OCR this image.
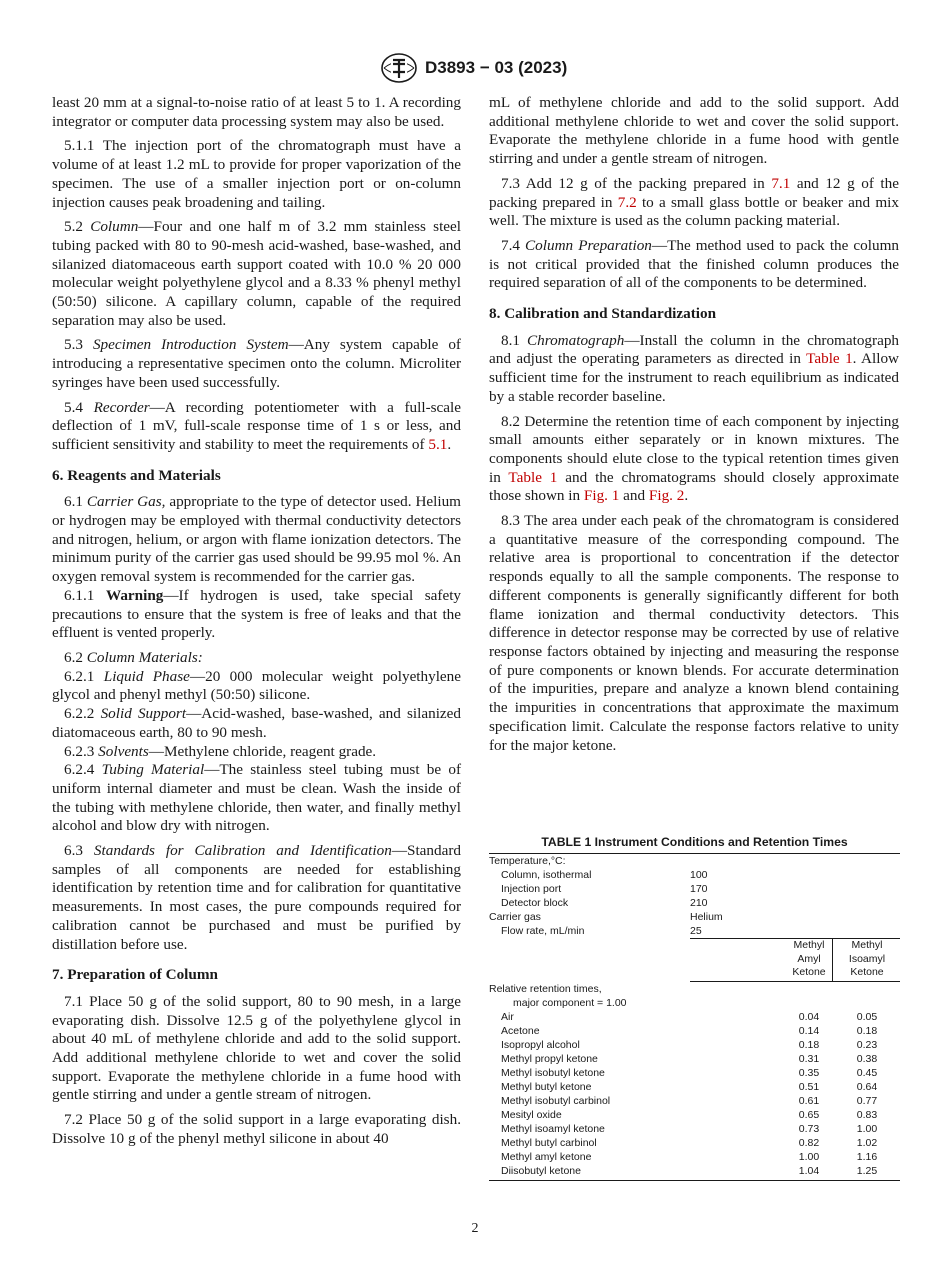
D3893 − 03 (2023)

least 20 mm at a signal-to-noise ratio of at least 5 to 1. A recording integrator or computer data processing system may also be used.

5.1.1 The injection port of the chromatograph must have a volume of at least 1.2 mL to provide for proper vaporization of the specimen. The use of a smaller injection port or on-column injection causes peak broadening and tailing.

5.2 Column—Four and one half m of 3.2 mm stainless steel tubing packed with 80 to 90-mesh acid-washed, base-washed, and silanized diatomaceous earth support coated with 10.0 % 20 000 molecular weight polyethylene glycol and a 8.33 % phenyl methyl (50:50) silicone. A capillary column, capable of the required separation may also be used.

5.3 Specimen Introduction System—Any system capable of introducing a representative specimen onto the column. Microliter syringes have been used successfully.

5.4 Recorder—A recording potentiometer with a full-scale deflection of 1 mV, full-scale response time of 1 s or less, and sufficient sensitivity and stability to meet the requirements of 5.1.

6. Reagents and Materials

6.1 Carrier Gas, appropriate to the type of detector used. Helium or hydrogen may be employed with thermal conductivity detectors and nitrogen, helium, or argon with flame ionization detectors. The minimum purity of the carrier gas used should be 99.95 mol %. An oxygen removal system is recommended for the carrier gas.

6.1.1 Warning—If hydrogen is used, take special safety precautions to ensure that the system is free of leaks and that the effluent is vented properly.

6.2 Column Materials:

6.2.1 Liquid Phase—20 000 molecular weight polyethylene glycol and phenyl methyl (50:50) silicone.

6.2.2 Solid Support—Acid-washed, base-washed, and silanized diatomaceous earth, 80 to 90 mesh.

6.2.3 Solvents—Methylene chloride, reagent grade.

6.2.4 Tubing Material—The stainless steel tubing must be of uniform internal diameter and must be clean. Wash the inside of the tubing with methylene chloride, then water, and finally methyl alcohol and blow dry with nitrogen.

6.3 Standards for Calibration and Identification—Standard samples of all components are needed for establishing identification by retention time and for calibration for quantitative measurements. In most cases, the pure compounds required for calibration cannot be purchased and must be purified by distillation before use.

7. Preparation of Column

7.1 Place 50 g of the solid support, 80 to 90 mesh, in a large evaporating dish. Dissolve 12.5 g of the polyethylene glycol in about 40 mL of methylene chloride and add to the solid support. Add additional methylene chloride to wet and cover the solid support. Evaporate the methylene chloride in a fume hood with gentle stirring and under a gentle stream of nitrogen.

7.2 Place 50 g of the solid support in a large evaporating dish. Dissolve 10 g of the phenyl methyl silicone in about 40

mL of methylene chloride and add to the solid support. Add additional methylene chloride to wet and cover the solid support. Evaporate the methylene chloride in a fume hood with gentle stirring and under a gentle stream of nitrogen.

7.3 Add 12 g of the packing prepared in 7.1 and 12 g of the packing prepared in 7.2 to a small glass bottle or beaker and mix well. The mixture is used as the column packing material.

7.4 Column Preparation—The method used to pack the column is not critical provided that the finished column produces the required separation of all of the components to be determined.

8. Calibration and Standardization

8.1 Chromatograph—Install the column in the chromatograph and adjust the operating parameters as directed in Table 1. Allow sufficient time for the instrument to reach equilibrium as indicated by a stable recorder baseline.

8.2 Determine the retention time of each component by injecting small amounts either separately or in known mixtures. The components should elute close to the typical retention times given in Table 1 and the chromatograms should closely approximate those shown in Fig. 1 and Fig. 2.

8.3 The area under each peak of the chromatogram is considered a quantitative measure of the corresponding compound. The relative area is proportional to concentration if the detector responds equally to all the sample components. The response to different components is generally significantly different for both flame ionization and thermal conductivity detectors. This difference in detector response may be corrected by use of relative response factors obtained by injecting and measuring the response of pure components or known blends. For accurate determination of the impurities, prepare and analyze a known blend containing the impurities in concentrations that approximate the maximum specification limit. Calculate the response factors relative to unity for the major ketone.

TABLE 1 Instrument Conditions and Retention Times
Temperature,°C:
Column, isothermal	100
Injection port	170
Detector block	210
Carrier gas	Helium
Flow rate, mL/min	25
Methyl
Amyl
Ketone
Methyl
Isoamyl
Ketone
Relative retention times,
major component = 1.00
Air	0.04	0.05
Acetone	0.14	0.18
Isopropyl alcohol	0.18	0.23
Methyl propyl ketone	0.31	0.38
Methyl isobutyl ketone	0.35	0.45
Methyl butyl ketone	0.51	0.64
Methyl isobutyl carbinol	0.61	0.77
Mesityl oxide	0.65	0.83
Methyl isoamyl ketone	0.73	1.00
Methyl butyl carbinol	0.82	1.02
Methyl amyl ketone	1.00	1.16
Diisobutyl ketone	1.04	1.25
2
